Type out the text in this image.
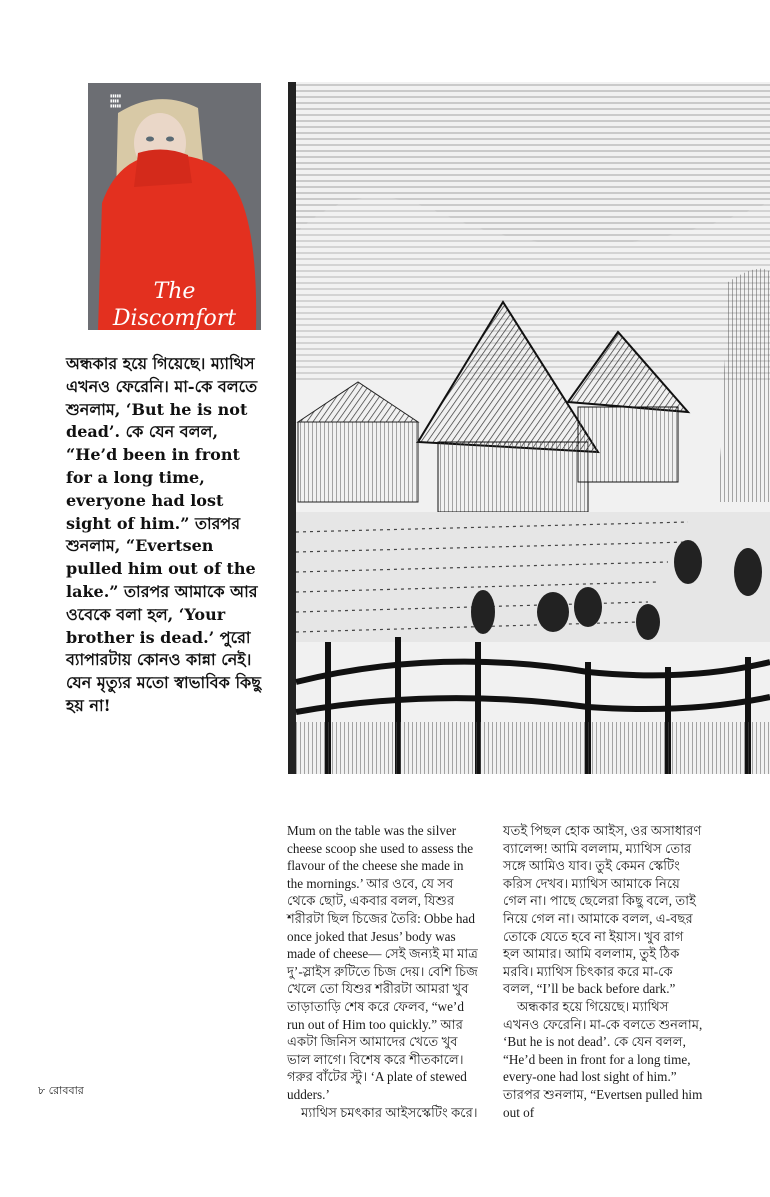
▮▮▮▮▮
▮▮▮▮
▮▮▮▮▮
The
Discomfort

অন্ধকার হয়ে গিয়েছে। ম্যাথিস এখনও ফেরেনি। মা-কে বলতে শুনলাম, ‘But he is not dead’. কে যেন বলল, “He’d been in front for a long time, everyone had lost sight of him.” তারপর শুনলাম, “Evertsen pulled him out of the lake.” তারপর আমাকে আর ওবেকে বলা হল, ‘Your brother is dead.’ পুরো ব্যাপারটায় কোনও কান্না নেই। যেন মৃত্যুর মতো স্বাভাবিক কিছু হয় না!

Mum on the table was the silver cheese scoop she used to assess the flavour of the cheese she made in the mornings.’ আর ওবে, যে সব থেকে ছোট, একবার বলল, যিশুর শরীরটা ছিল চিজের তৈরি: Obbe had once joked that Jesus’ body was made of cheese— সেই জন্যই মা মাত্র দু’-স্লাইস রুটিতে চিজ দেয়। বেশি চিজ খেলে তো যিশুর শরীরটা আমরা খুব তাড়াতাড়ি শেষ করে ফেলব, “we’d run out of Him too quickly.” আর একটা জিনিস আমাদের খেতে খুব ভাল লাগে। বিশেষ করে শীতকালে। গরুর বাঁটের স্টু। ‘A plate of stewed udders.’

ম্যাথিস চমৎকার আইসস্কেটিং করে।

যতই পিছল হোক আইস, ওর অসাধারণ ব্যালেন্স! আমি বললাম, ম্যাথিস তোর সঙ্গে আমিও যাব। তুই কেমন স্কেটিং করিস দেখব। ম্যাথিস আমাকে নিয়ে গেল না। পাছে ছেলেরা কিছু বলে, তাই নিয়ে গেল না। আমাকে বলল, এ-বছর তোকে যেতে হবে না ইয়াস। খুব রাগ হল আমার। আমি বললাম, তুই ঠিক মরবি। ম্যাথিস চিৎকার করে মা-কে বলল, “I’ll be back before dark.”

অন্ধকার হয়ে গিয়েছে। ম্যাথিস এখনও ফেরেনি। মা-কে বলতে শুনলাম, ‘But he is not dead’. কে যেন বলল, “He’d been in front for a long time, every-one had lost sight of him.” তারপর শুনলাম, “Evertsen pulled him out of

৮ রোববার
